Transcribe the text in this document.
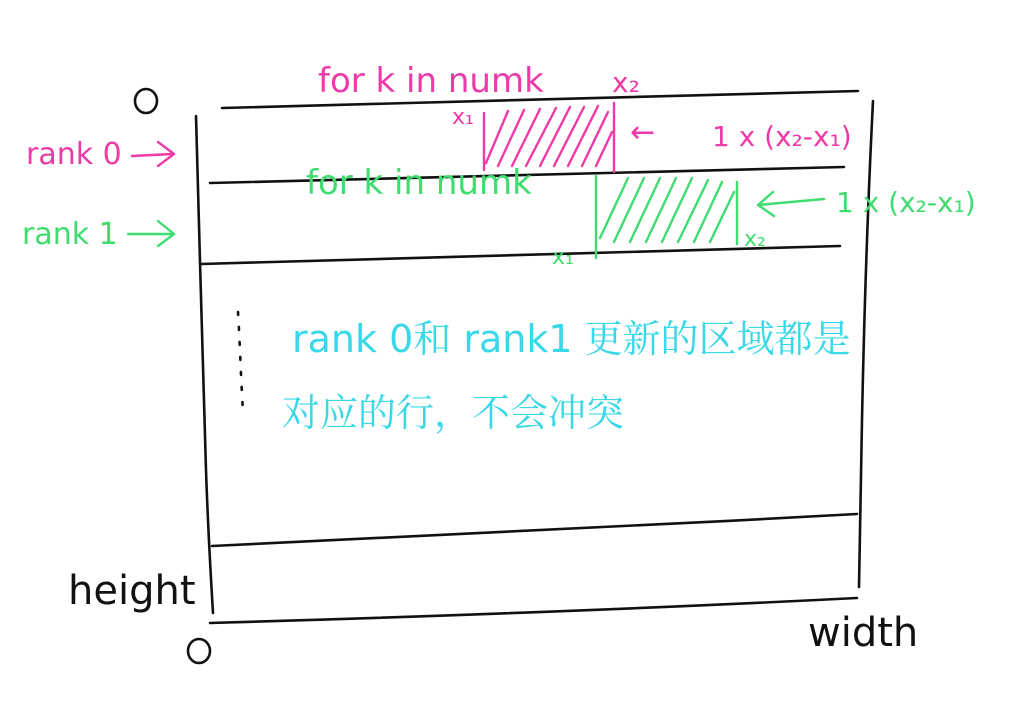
height
width
rank 0
rank 1
for k in numk x₂
x₁	← 1 x (x₂-x₁)
for k in numk
x₁
x₂
1 x (x₂-x₁)
rank 0和 rank1 更新的区域都是
对应的行，不会冲突
